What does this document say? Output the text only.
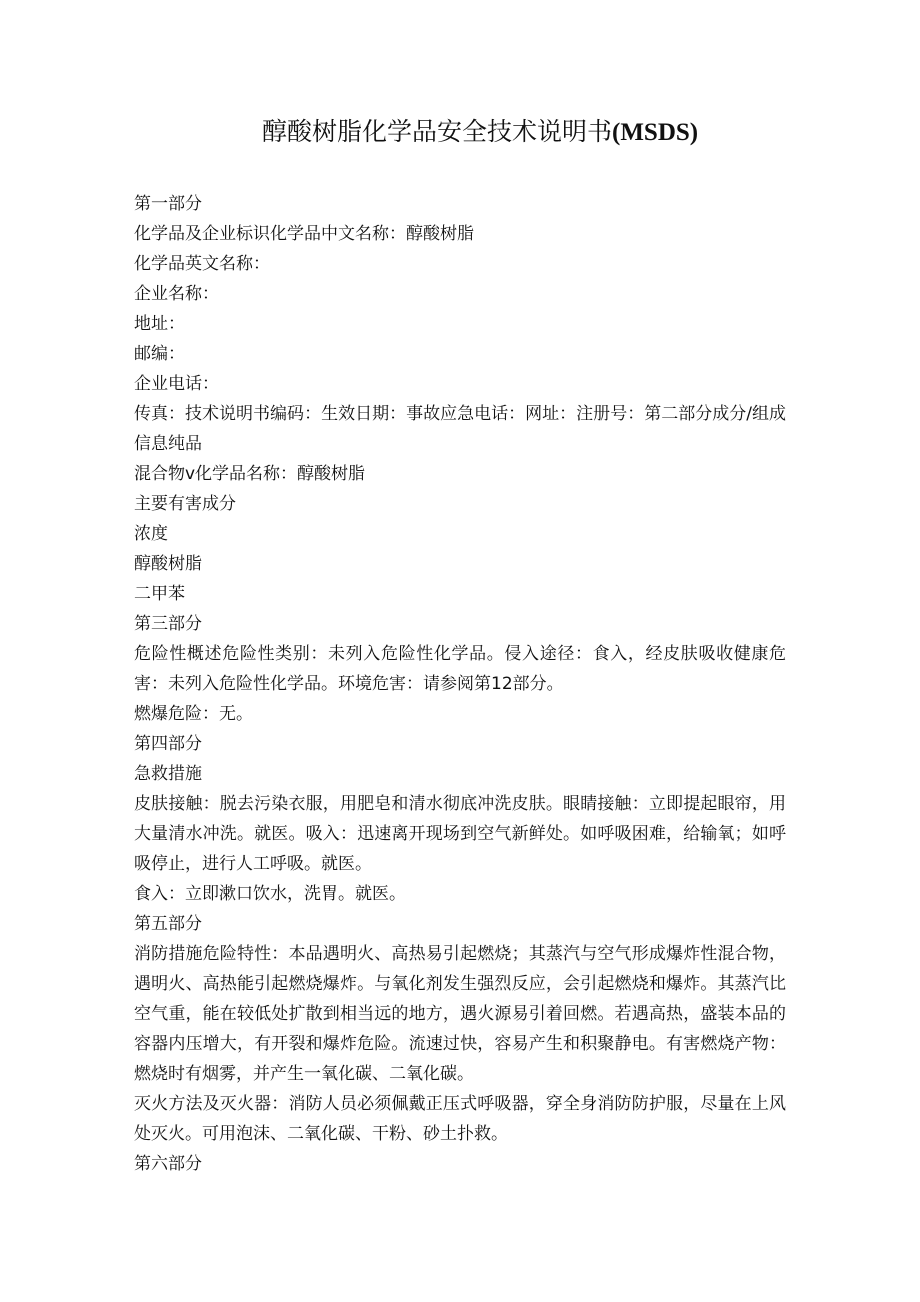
醇酸树脂化学品安全技术说明书(MSDS)

第一部分

化学品及企业标识化学品中文名称：醇酸树脂

化学品英文名称：

企业名称：

地址：

邮编：

企业电话：

传真：技术说明书编码：生效日期：事故应急电话：网址：注册号：第二部分成分/组成信息纯品

混合物v化学品名称：醇酸树脂

主要有害成分

浓度

醇酸树脂

二甲苯

第三部分

危险性概述危险性类别：未列入危险性化学品。侵入途径：食入，经皮肤吸收健康危害：未列入危险性化学品。环境危害：请参阅第12部分。

燃爆危险：无。

第四部分

急救措施

皮肤接触：脱去污染衣服，用肥皂和清水彻底冲洗皮肤。眼睛接触：立即提起眼帘，用大量清水冲洗。就医。吸入：迅速离开现场到空气新鲜处。如呼吸困难，给输氧；如呼吸停止，进行人工呼吸。就医。

食入：立即漱口饮水，洗胃。就医。

第五部分

消防措施危险特性：本品遇明火、高热易引起燃烧；其蒸汽与空气形成爆炸性混合物，遇明火、高热能引起燃烧爆炸。与氧化剂发生强烈反应，会引起燃烧和爆炸。其蒸汽比空气重，能在较低处扩散到相当远的地方，遇火源易引着回燃。若遇高热，盛装本品的容器内压增大，有开裂和爆炸危险。流速过快，容易产生和积聚静电。有害燃烧产物：燃烧时有烟雾，并产生一氧化碳、二氧化碳。

灭火方法及灭火器：消防人员必须佩戴正压式呼吸器，穿全身消防防护服，尽量在上风处灭火。可用泡沫、二氧化碳、干粉、砂土扑救。

第六部分
